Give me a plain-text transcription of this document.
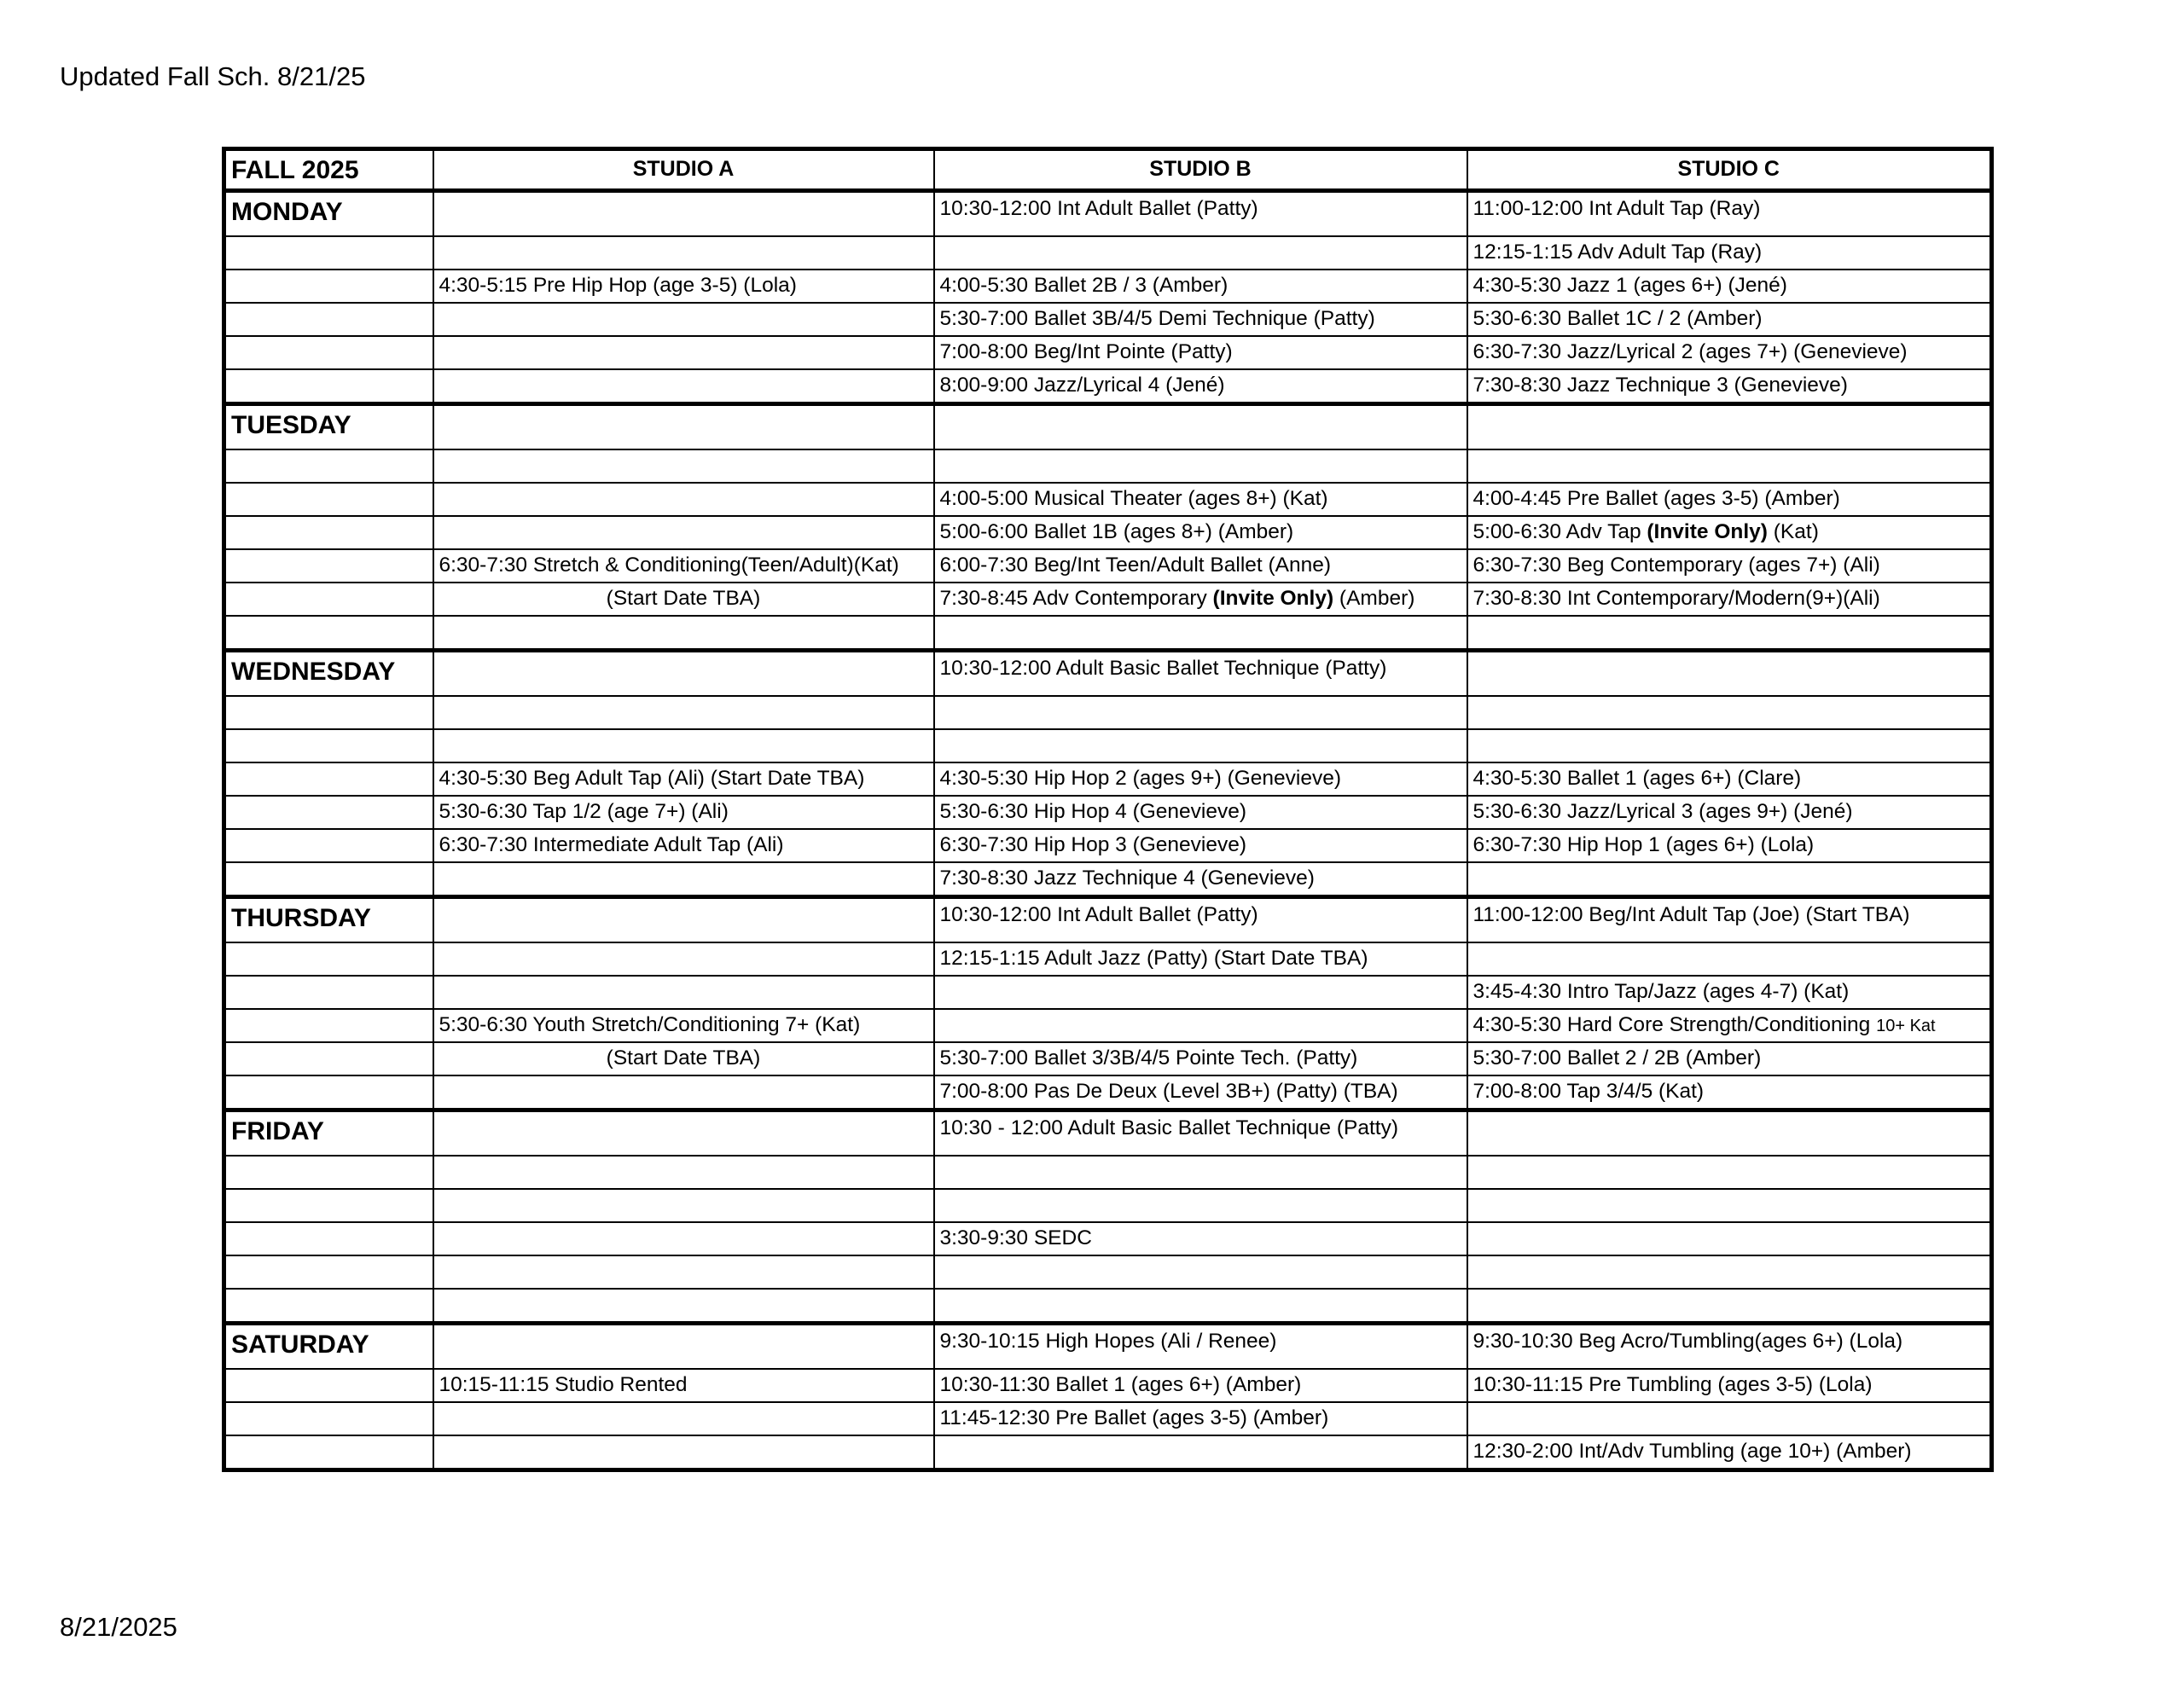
Updated Fall Sch. 8/21/25
FALL 2025	STUDIO A	STUDIO B	STUDIO C
MONDAY		10:30-12:00 Int Adult Ballet (Patty)	11:00-12:00 Int Adult Tap (Ray)
			12:15-1:15 Adv Adult Tap (Ray)
	4:30-5:15 Pre Hip Hop (age 3-5) (Lola)	4:00-5:30 Ballet 2B / 3 (Amber)	4:30-5:30 Jazz 1 (ages 6+) (Jené)
		5:30-7:00 Ballet 3B/4/5 Demi Technique (Patty)	5:30-6:30 Ballet 1C / 2 (Amber)
		7:00-8:00 Beg/Int Pointe (Patty)	6:30-7:30 Jazz/Lyrical 2 (ages 7+) (Genevieve)
		8:00-9:00 Jazz/Lyrical 4 (Jené)	7:30-8:30 Jazz Technique 3 (Genevieve)
TUESDAY			

		4:00-5:00 Musical Theater (ages 8+) (Kat)	4:00-4:45 Pre Ballet (ages 3-5) (Amber)
		5:00-6:00 Ballet 1B (ages 8+) (Amber)	5:00-6:30 Adv Tap (Invite Only) (Kat)
	6:30-7:30 Stretch & Conditioning(Teen/Adult)(Kat)	6:00-7:30 Beg/Int Teen/Adult Ballet (Anne)	6:30-7:30 Beg Contemporary (ages 7+) (Ali)
	(Start Date TBA)	7:30-8:45 Adv Contemporary (Invite Only) (Amber)	7:30-8:30 Int Contemporary/Modern(9+)(Ali)

WEDNESDAY		10:30-12:00 Adult Basic Ballet Technique (Patty)	

	4:30-5:30 Beg Adult Tap (Ali) (Start Date TBA)	4:30-5:30 Hip Hop 2 (ages 9+) (Genevieve)	4:30-5:30 Ballet 1 (ages 6+) (Clare)
	5:30-6:30 Tap 1/2 (age 7+) (Ali)	5:30-6:30 Hip Hop 4 (Genevieve)	5:30-6:30 Jazz/Lyrical 3 (ages 9+) (Jené)
	6:30-7:30 Intermediate Adult Tap (Ali)	6:30-7:30 Hip Hop 3 (Genevieve)	6:30-7:30 Hip Hop 1 (ages 6+) (Lola)
		7:30-8:30 Jazz Technique 4 (Genevieve)	
THURSDAY		10:30-12:00 Int Adult Ballet (Patty)	11:00-12:00 Beg/Int Adult Tap (Joe) (Start TBA)
		12:15-1:15 Adult Jazz (Patty) (Start Date TBA)	
			3:45-4:30 Intro Tap/Jazz (ages 4-7) (Kat)
	5:30-6:30 Youth Stretch/Conditioning 7+ (Kat)		4:30-5:30 Hard Core Strength/Conditioning 10+ Kat
	(Start Date TBA)	5:30-7:00 Ballet 3/3B/4/5 Pointe Tech. (Patty)	5:30-7:00 Ballet 2 / 2B (Amber)
		7:00-8:00 Pas De Deux (Level 3B+) (Patty) (TBA)	7:00-8:00 Tap 3/4/5 (Kat)
FRIDAY		10:30 - 12:00 Adult Basic Ballet Technique (Patty)	

		3:30-9:30 SEDC	

SATURDAY		9:30-10:15 High Hopes (Ali / Renee)	9:30-10:30 Beg Acro/Tumbling(ages 6+) (Lola)
	10:15-11:15 Studio Rented	10:30-11:30 Ballet 1 (ages 6+) (Amber)	10:30-11:15 Pre Tumbling (ages 3-5) (Lola)
		11:45-12:30 Pre Ballet (ages 3-5) (Amber)	
			12:30-2:00 Int/Adv Tumbling (age 10+) (Amber)
8/21/2025
